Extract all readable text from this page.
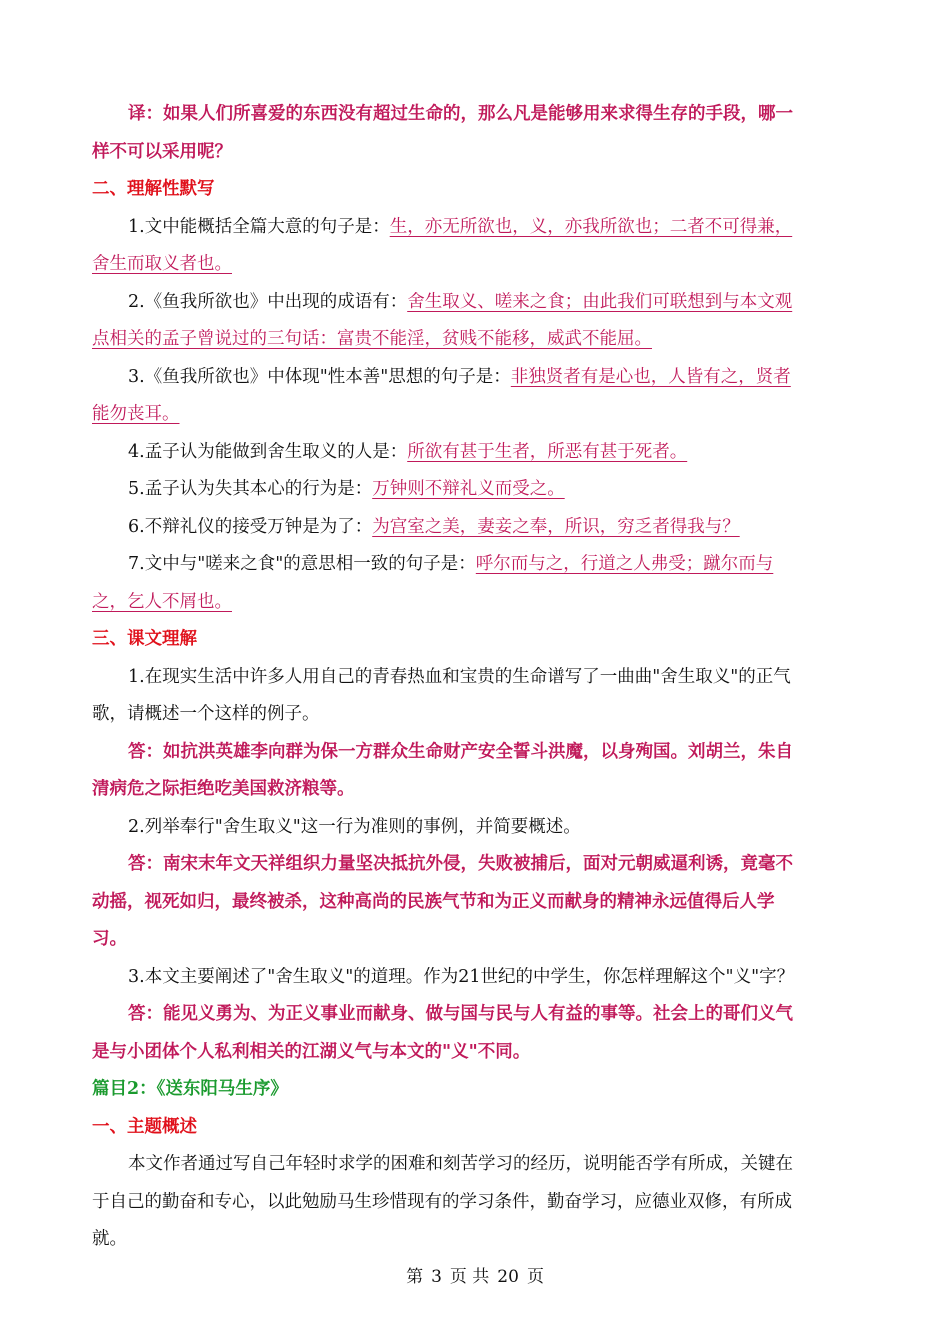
译：如果人们所喜爱的东西没有超过生命的，那么凡是能够用来求得生存的手段，哪一
样不可以采用呢？
二、理解性默写
1.文中能概括全篇大意的句子是：生，亦无所欲也，义，亦我所欲也；二者不可得兼，
舍生而取义者也。
2.《鱼我所欲也》中出现的成语有：舍生取义、嗟来之食；由此我们可联想到与本文观
点相关的孟子曾说过的三句话：富贵不能淫，贫贱不能移，威武不能屈。
3.《鱼我所欲也》中体现"性本善"思想的句子是：非独贤者有是心也，人皆有之，贤者
能勿丧耳。
4.孟子认为能做到舍生取义的人是：所欲有甚于生者，所恶有甚于死者。
5.孟子认为失其本心的行为是：万钟则不辩礼义而受之。
6.不辩礼仪的接受万钟是为了：为宫室之美，妻妾之奉，所识，穷乏者得我与？
7.文中与"嗟来之食"的意思相一致的句子是：呼尔而与之，行道之人弗受；蹴尔而与
之，乞人不屑也。
三、课文理解
1.在现实生活中许多人用自己的青春热血和宝贵的生命谱写了一曲曲"舍生取义"的正气
歌，请概述一个这样的例子。
答：如抗洪英雄李向群为保一方群众生命财产安全誓斗洪魔，以身殉国。刘胡兰，朱自
清病危之际拒绝吃美国救济粮等。
2.列举奉行"舍生取义"这一行为准则的事例，并简要概述。
答：南宋末年文天祥组织力量坚决抵抗外侵，失败被捕后，面对元朝威逼利诱，竟毫不
动摇，视死如归，最终被杀，这种高尚的民族气节和为正义而献身的精神永远值得后人学
习。
3.本文主要阐述了"舍生取义"的道理。作为21世纪的中学生，你怎样理解这个"义"字？
答：能见义勇为、为正义事业而献身、做与国与民与人有益的事等。社会上的哥们义气
是与小团体个人私利相关的江湖义气与本文的"义"不同。
篇目2：《送东阳马生序》
一、主题概述
本文作者通过写自己年轻时求学的困难和刻苦学习的经历，说明能否学有所成，关键在
于自己的勤奋和专心，以此勉励马生珍惜现有的学习条件，勤奋学习，应德业双修，有所成
就。
第 3 页 共 20 页
